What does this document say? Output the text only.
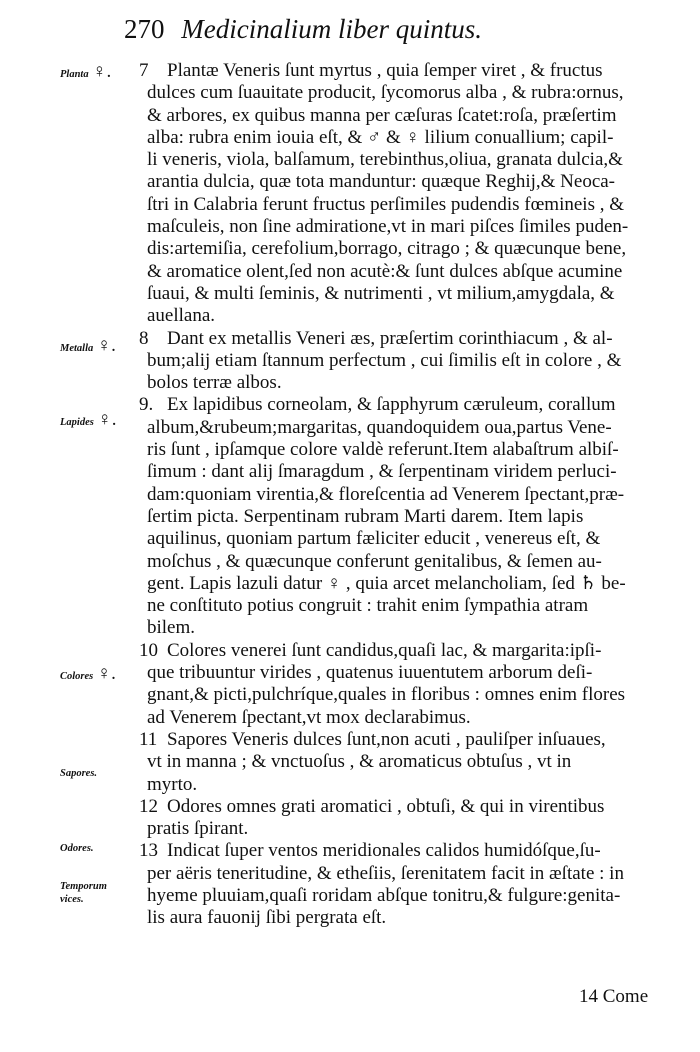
270 Medicinalium liber quintus.
Planta ♀.
Metalla ♀.
Lapides ♀.
Colores ♀.
Sapores.
Odores.
Temporum
vices.
7 Plantæ Veneris ſunt myrtus , quia ſemper viret , & fructus
dulces cum ſuauitate producit, ſycomorus alba , & rubra:ornus,
& arbores, ex quibus manna per cæſuras ſcatet:roſa, præſertim
alba: rubra enim iouia eſt, & ♂ & ♀ lilium conuallium; capil-
li veneris, viola, balſamum, terebinthus,oliua, granata dulcia,&
arantia dulcia, quæ tota manduntur: quæque Reghij,& Neoca-
ſtri in Calabria ferunt fructus perſimiles pudendis fœmineis , &
maſculeis, non ſine admiratione,vt in mari piſces ſimiles puden-
dis:artemiſia, cerefolium,borrago, citrago ; & quæcunque bene,
& aromatice olent,ſed non acutè:& ſunt dulces abſque acumine
ſuaui, & multi ſeminis, & nutrimenti , vt milium,amygdala, &
auellana.
8 Dant ex metallis Veneri æs, præſertim corinthiacum , & al-
bum;alij etiam ſtannum perfectum , cui ſimilis eſt in colore , &
bolos terræ albos.
9. Ex lapidibus corneolam, & ſapphyrum cæruleum, corallum
album,&rubeum;margaritas, quandoquidem oua,partus Vene-
ris ſunt , ipſamque colore valdè referunt.Item alabaſtrum albiſ-
ſimum : dant alij ſmaragdum , & ſerpentinam viridem perluci-
dam:quoniam virentia,& floreſcentia ad Venerem ſpectant,præ-
ſertim picta. Serpentinam rubram Marti darem. Item lapis
aquilinus, quoniam partum fæliciter educit , venereus eſt, &
moſchus , & quæcunque conferunt genitalibus, & ſemen au-
gent. Lapis lazuli datur ♀ , quia arcet melancholiam, ſed ♄ be-
ne conſtituto potius congruit : trahit enim ſympathia atram
bilem.
10 Colores venerei ſunt candidus,quaſi lac, & margarita:ipſi-
que tribuuntur virides , quatenus iuuentutem arborum deſi-
gnant,& picti,pulchríque,quales in floribus : omnes enim flores
ad Venerem ſpectant,vt mox declarabimus.
11 Sapores Veneris dulces ſunt,non acuti , pauliſper inſuaues,
vt in manna ; & vnctuoſus , & aromaticus obtuſus , vt in
myrto.
12 Odores omnes grati aromatici , obtuſi, & qui in virentibus
pratis ſpirant.
13 Indicat ſuper ventos meridionales calidos humidóſque,ſu-
per aëris teneritudine, & etheſiis, ſerenitatem facit in æſtate : in
hyeme pluuiam,quaſi roridam abſque tonitru,& fulgure:genita-
lis aura fauonij ſibi pergrata eſt.
14 Come
